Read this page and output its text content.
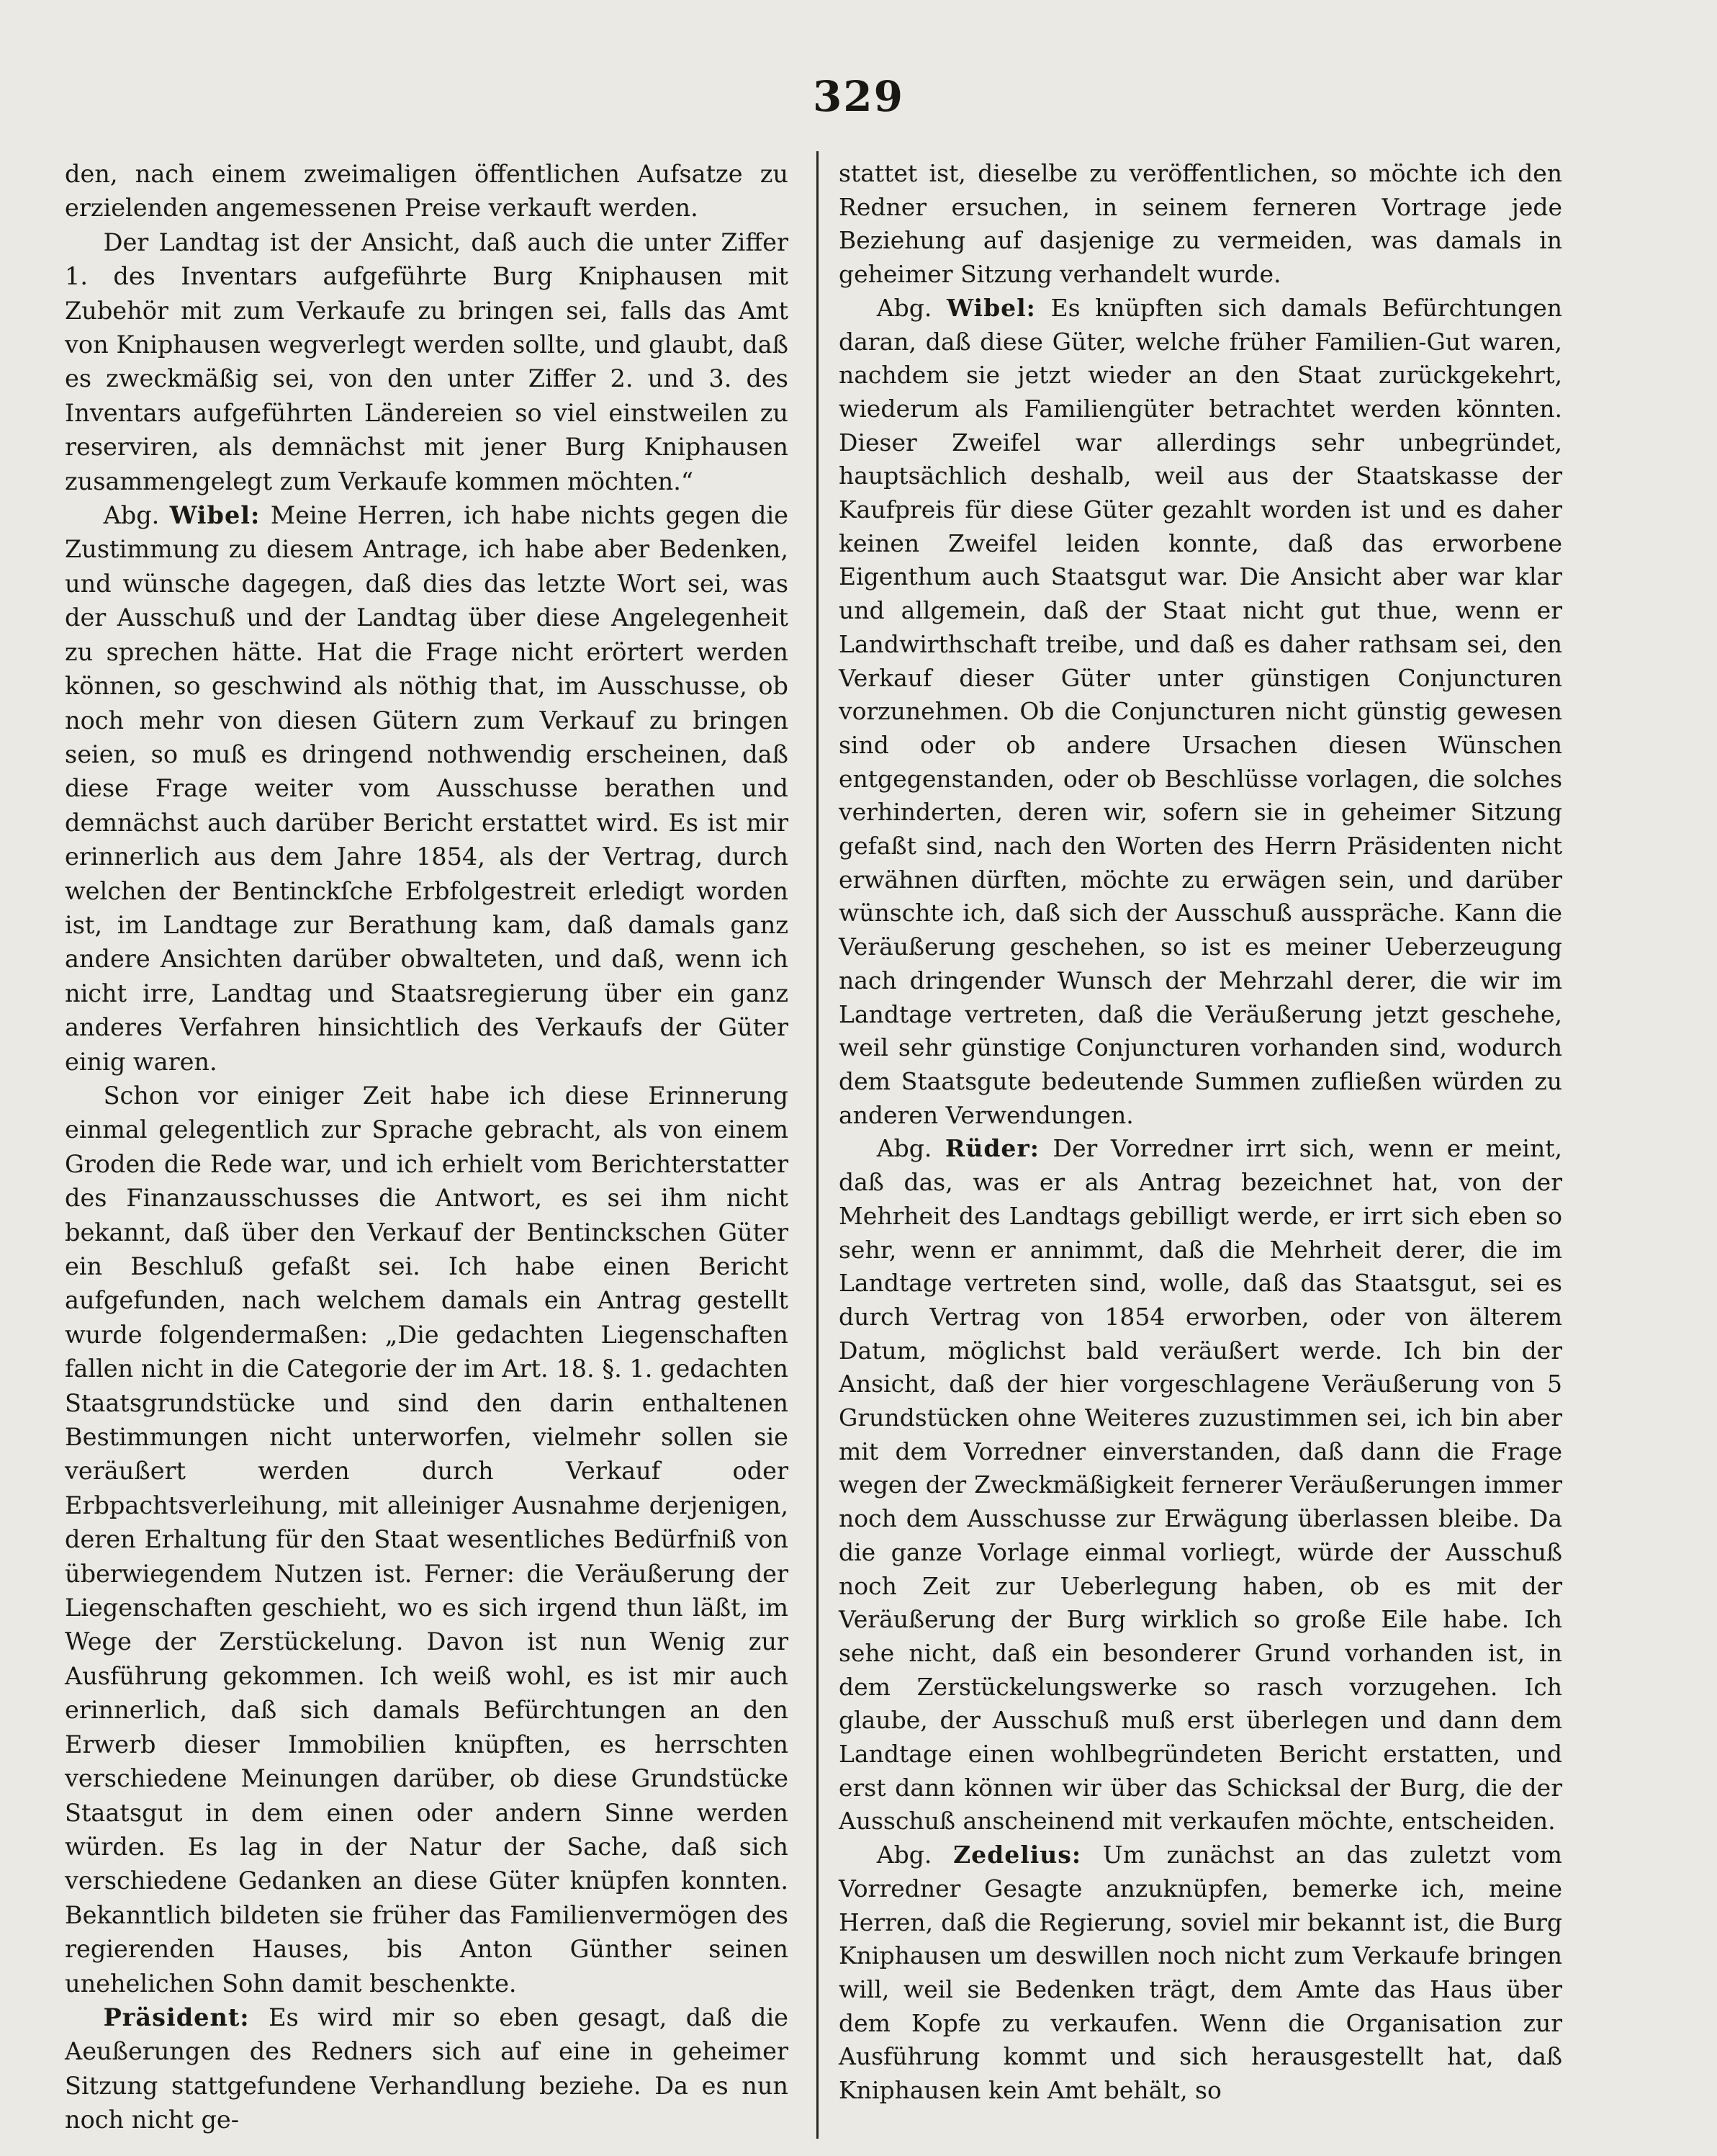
329

den, nach einem zweimaligen öffentlichen Aufsatze zu erzielenden angemessenen Preise verkauft werden.

Der Landtag ist der Ansicht, daß auch die unter Ziffer 1. des Inventars aufgeführte Burg Kniphausen mit Zubehör mit zum Verkaufe zu bringen sei, falls das Amt von Kniphausen wegverlegt werden sollte, und glaubt, daß es zweckmäßig sei, von den unter Ziffer 2. und 3. des Inventars aufgeführten Ländereien so viel einstweilen zu reserviren, als demnächst mit jener Burg Kniphausen zusammengelegt zum Verkaufe kommen möchten.“

Abg. Wibel: Meine Herren, ich habe nichts gegen die Zustimmung zu diesem Antrage, ich habe aber Bedenken, und wünsche dagegen, daß dies das letzte Wort sei, was der Ausschuß und der Landtag über diese Angelegenheit zu sprechen hätte. Hat die Frage nicht erörtert werden können, so geschwind als nöthig that, im Ausschusse, ob noch mehr von diesen Gütern zum Verkauf zu bringen seien, so muß es dringend nothwendig erscheinen, daß diese Frage weiter vom Ausschusse berathen und demnächst auch darüber Bericht erstattet wird. Es ist mir erinnerlich aus dem Jahre 1854, als der Vertrag, durch welchen der Bentinckſche Erbfolgestreit erledigt worden ist, im Landtage zur Berathung kam, daß damals ganz andere Ansichten darüber obwalteten, und daß, wenn ich nicht irre, Landtag und Staatsregierung über ein ganz anderes Verfahren hinsichtlich des Verkaufs der Güter einig waren.

Schon vor einiger Zeit habe ich diese Erinnerung einmal gelegentlich zur Sprache gebracht, als von einem Groden die Rede war, und ich erhielt vom Berichterstatter des Finanzausschusses die Antwort, es sei ihm nicht bekannt, daß über den Verkauf der Bentinckschen Güter ein Beschluß gefaßt sei. Ich habe einen Bericht aufgefunden, nach welchem damals ein Antrag gestellt wurde folgendermaßen: „Die gedachten Liegenschaften fallen nicht in die Categorie der im Art. 18. §. 1. gedachten Staatsgrundstücke und sind den darin enthaltenen Bestimmungen nicht unterworfen, vielmehr sollen sie veräußert werden durch Verkauf oder Erbpachtsverleihung, mit alleiniger Ausnahme derjenigen, deren Erhaltung für den Staat wesentliches Bedürfniß von überwiegendem Nutzen ist. Ferner: die Veräußerung der Liegenschaften geschieht, wo es sich irgend thun läßt, im Wege der Zerstückelung. Davon ist nun Wenig zur Ausführung gekommen. Ich weiß wohl, es ist mir auch erinnerlich, daß sich damals Befürchtungen an den Erwerb dieser Immobilien knüpften, es herrschten verschiedene Meinungen darüber, ob diese Grundstücke Staatsgut in dem einen oder andern Sinne werden würden. Es lag in der Natur der Sache, daß sich verschiedene Gedanken an diese Güter knüpfen konnten. Bekanntlich bildeten sie früher das Familienvermögen des regierenden Hauses, bis Anton Günther seinen unehelichen Sohn damit beschenkte.

Präsident: Es wird mir so eben gesagt, daß die Aeußerungen des Redners sich auf eine in geheimer Sitzung stattgefundene Verhandlung beziehe. Da es nun noch nicht ge-

stattet ist, dieselbe zu veröffentlichen, so möchte ich den Redner ersuchen, in seinem ferneren Vortrage jede Beziehung auf dasjenige zu vermeiden, was damals in geheimer Sitzung verhandelt wurde.

Abg. Wibel: Es knüpften sich damals Befürchtungen daran, daß diese Güter, welche früher Familien-Gut waren, nachdem sie jetzt wieder an den Staat zurückgekehrt, wiederum als Familiengüter betrachtet werden könnten. Dieser Zweifel war allerdings sehr unbegründet, hauptsächlich deshalb, weil aus der Staatskasse der Kaufpreis für diese Güter gezahlt worden ist und es daher keinen Zweifel leiden konnte, daß das erworbene Eigenthum auch Staatsgut war. Die Ansicht aber war klar und allgemein, daß der Staat nicht gut thue, wenn er Landwirthschaft treibe, und daß es daher rathsam sei, den Verkauf dieser Güter unter günstigen Conjuncturen vorzunehmen. Ob die Conjuncturen nicht günstig gewesen sind oder ob andere Ursachen diesen Wünschen entgegenstanden, oder ob Beschlüsse vorlagen, die solches verhinderten, deren wir, sofern sie in geheimer Sitzung gefaßt sind, nach den Worten des Herrn Präsidenten nicht erwähnen dürften, möchte zu erwägen sein, und darüber wünschte ich, daß sich der Ausschuß ausspräche. Kann die Veräußerung geschehen, so ist es meiner Ueberzeugung nach dringender Wunsch der Mehrzahl derer, die wir im Landtage vertreten, daß die Veräußerung jetzt geschehe, weil sehr günstige Conjuncturen vorhanden sind, wodurch dem Staatsgute bedeutende Summen zufließen würden zu anderen Verwendungen.

Abg. Rüder: Der Vorredner irrt sich, wenn er meint, daß das, was er als Antrag bezeichnet hat, von der Mehrheit des Landtags gebilligt werde, er irrt sich eben so sehr, wenn er annimmt, daß die Mehrheit derer, die im Landtage vertreten sind, wolle, daß das Staatsgut, sei es durch Vertrag von 1854 erworben, oder von älterem Datum, möglichst bald veräußert werde. Ich bin der Ansicht, daß der hier vorgeschlagene Veräußerung von 5 Grundstücken ohne Weiteres zuzustimmen sei, ich bin aber mit dem Vorredner einverstanden, daß dann die Frage wegen der Zweckmäßigkeit fernerer Veräußerungen immer noch dem Ausschusse zur Erwägung überlassen bleibe. Da die ganze Vorlage einmal vorliegt, würde der Ausschuß noch Zeit zur Ueberlegung haben, ob es mit der Veräußerung der Burg wirklich so große Eile habe. Ich sehe nicht, daß ein besonderer Grund vorhanden ist, in dem Zerstückelungswerke so rasch vorzugehen. Ich glaube, der Ausschuß muß erst überlegen und dann dem Landtage einen wohlbegründeten Bericht erstatten, und erst dann können wir über das Schicksal der Burg, die der Ausschuß anscheinend mit verkaufen möchte, entscheiden.

Abg. Zedelius: Um zunächst an das zuletzt vom Vorredner Gesagte anzuknüpfen, bemerke ich, meine Herren, daß die Regierung, soviel mir bekannt ist, die Burg Kniphausen um deswillen noch nicht zum Verkaufe bringen will, weil sie Bedenken trägt, dem Amte das Haus über dem Kopfe zu verkaufen. Wenn die Organisation zur Ausführung kommt und sich herausgestellt hat, daß Kniphausen kein Amt behält, so
